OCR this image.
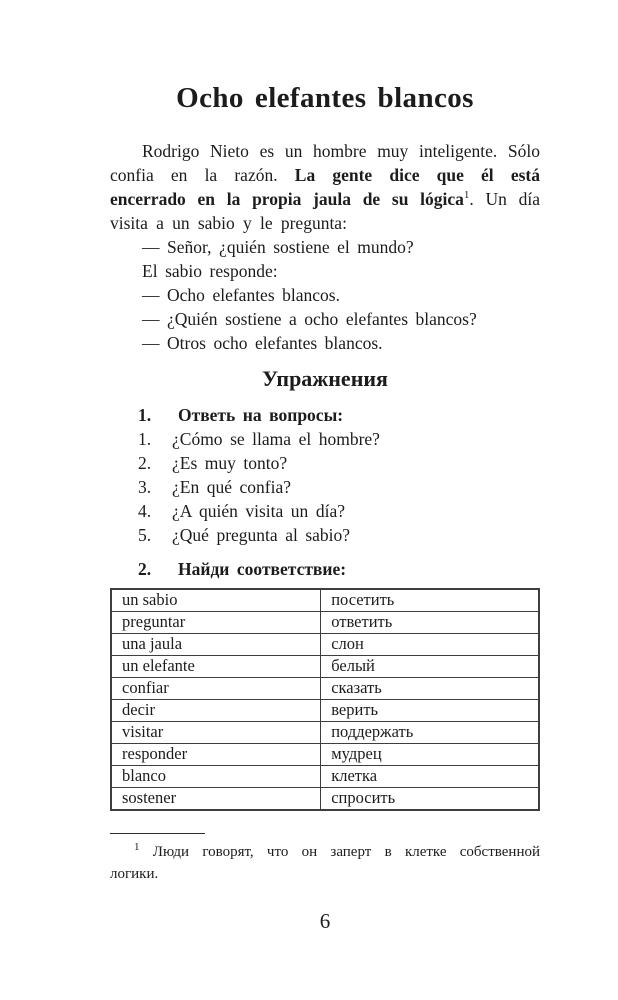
Ocho elefantes blancos

Rodrigo Nieto es un hombre muy inteligente. Sólo confia en la razón. La gente dice que él está encerrado en la propia jaula de su lógica$^1$. Un día visita a un sabio y le pregunta:

— Señor, ¿quién sostiene el mundo?

El sabio responde:

— Ocho elefantes blancos.

— ¿Quién sostiene a ocho elefantes blancos?

— Otros ocho elefantes blancos.

Упражнения
1.	Ответь на вопросы:
1.	¿Cómo se llama el hombre?
2.	¿Es muy tonto?
3.	¿En qué confia?
4.	¿A quién visita un día?
5.	¿Qué pregunta al sabio?
2.	Найди соответствие:
un sabio	посетить
preguntar	ответить
una jaula	слон
un elefante	белый
confiar	сказать
decir	верить
visitar	поддержать
responder	мудрец
blanco	клетка
sostener	спросить

$^1$ Люди говорят, что он заперт в клетке собственной логики.

6
